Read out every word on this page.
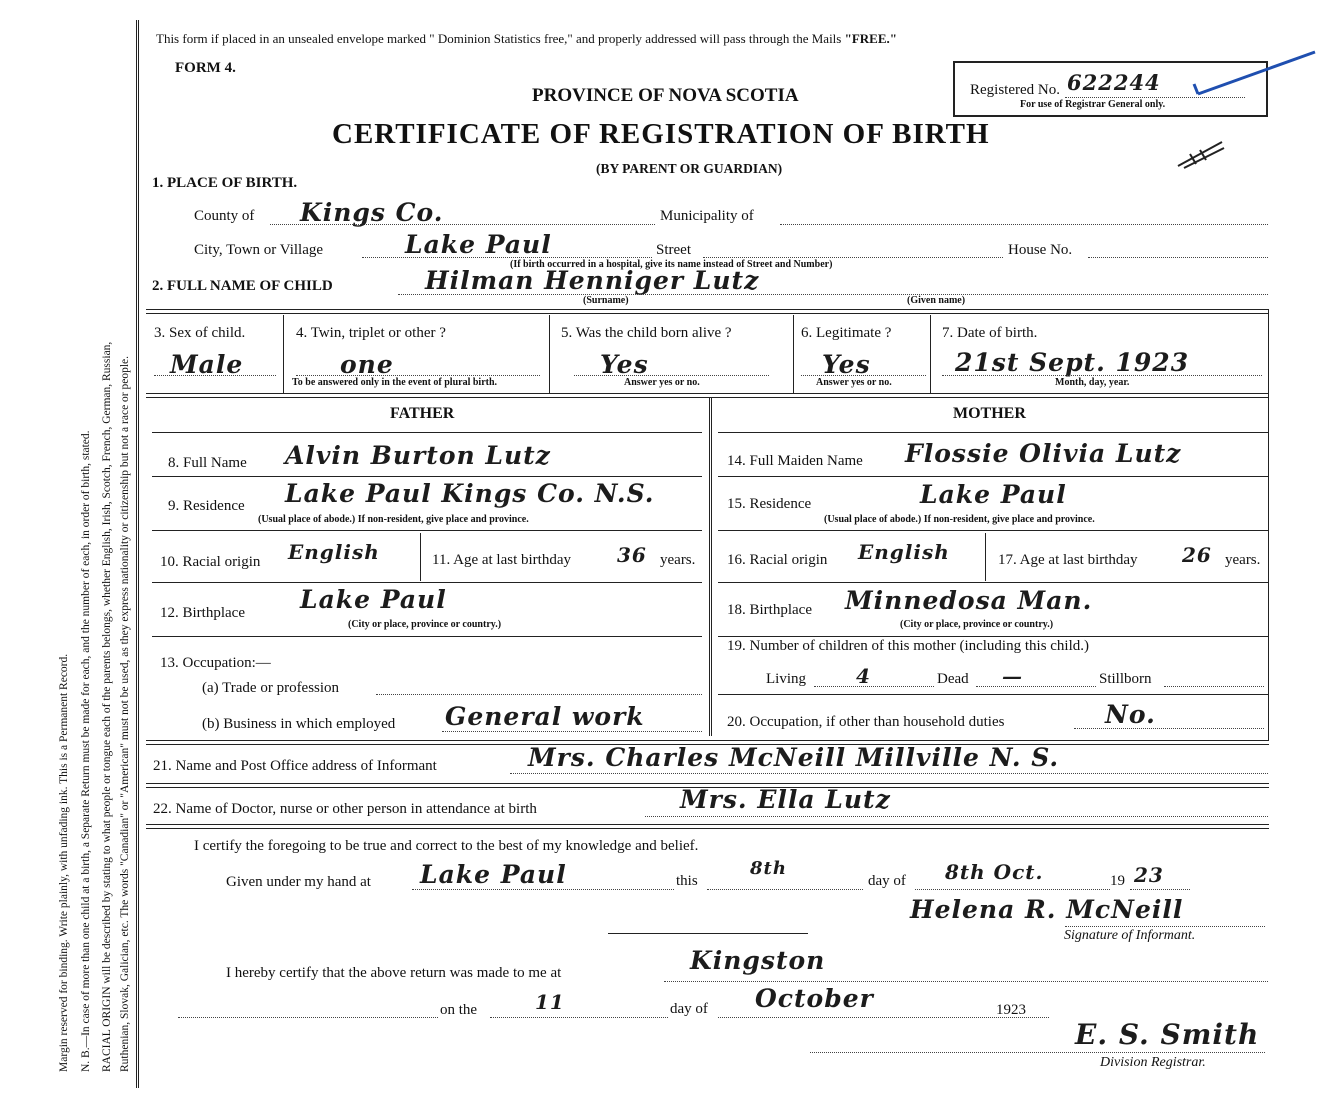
Margin reserved for binding. Write plainly, with unfading ink. This is a Permanent Record. N. B.—In case of more than one child at a birth, a Separate Return must be made for each, and the number of each, in order of birth, stated. RACIAL ORIGIN will be described by stating to what people or tongue each of the parents belongs, whether English, Irish, Scotch, French, German, Russian, Ruthenian, Slovak, Galician, etc. The words "Canadian" or "American" must not be used, as they express nationality or citizenship but not a race or people.
This form if placed in an unsealed envelope marked " Dominion Statistics free," and properly addressed will pass through the Mails "FREE."
FORM 4.
PROVINCE OF NOVA SCOTIA
CERTIFICATE OF REGISTRATION OF BIRTH
(BY PARENT OR GUARDIAN)
Registered No. 622244
For use of Registrar General only.
1. PLACE OF BIRTH.
County of Kings Co.	Municipality of
City, Town or Village	Lake Paul	Street	House No.
(If birth occurred in a hospital, give its name instead of Street and Number)
2. FULL NAME OF CHILD	Hilman Henniger Lutz
(Surname)	(Given name)
3. Sex of child.
Male
4. Twin, triplet or other ?
one
To be answered only in the event of plural birth.
5. Was the child born alive ?
Yes
Answer yes or no.
6. Legitimate ?
Yes
Answer yes or no.
7. Date of birth.
21st Sept. 1923
Month, day, year.
FATHER	MOTHER
8. Full Name Alvin Burton Lutz
9. Residence Lake Paul Kings Co. N.S.
(Usual place of abode.) If non-resident, give place and province.
10. Racial origin English	11. Age at last birthday 36 years.
12. Birthplace Lake Paul
(City or place, province or country.)
13. Occupation:—
(a) Trade or profession
(b) Business in which employed General work
14. Full Maiden Name Flossie Olivia Lutz
15. Residence	Lake Paul
(Usual place of abode.) If non-resident, give place and province.
16. Racial origin English	17. Age at last birthday 26 years.
18. Birthplace Minnedosa Man.
(City or place, province or country.)
19. Number of children of this mother (including this child.)
Living	4	Dead —	Stillborn
20. Occupation, if other than household duties	No.
21. Name and Post Office address of Informant	Mrs. Charles McNeill Millville N. S.
22. Name of Doctor, nurse or other person in attendance at birth	Mrs. Ella Lutz
I certify the foregoing to be true and correct to the best of my knowledge and belief.
Given under my hand at Lake Paul	this
8th
day of 8th Oct.	19 23
Helena R. McNeill
Signature of Informant.
I hereby certify that the above return was made to me at	Kingston
on the	11	day of October	1923
E. S. Smith
Division Registrar.
